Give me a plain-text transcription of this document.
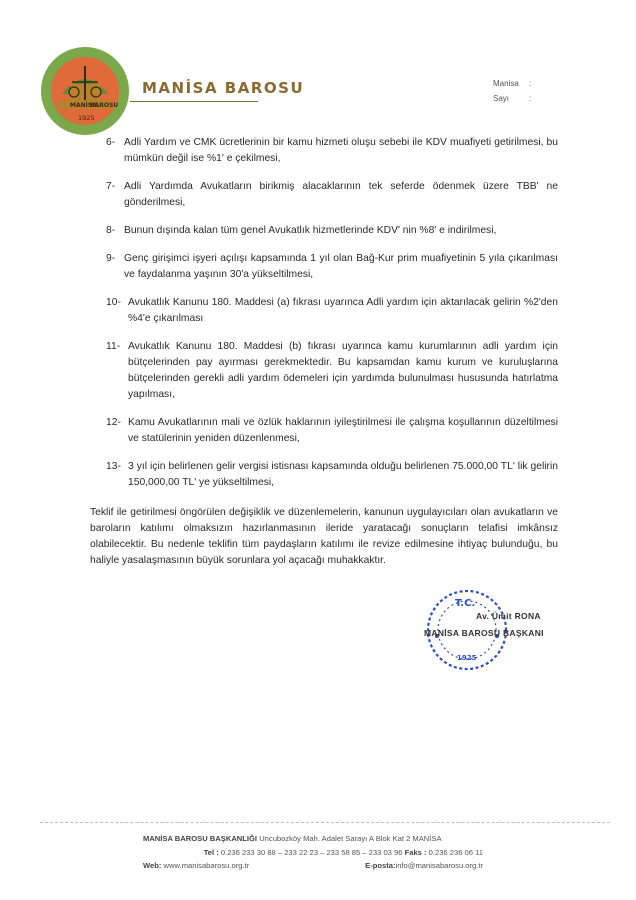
MANİSA
BAROSU
1925
MANİSA BAROSU	Manisa :
Sayı :
6- Adli Yardım ve CMK ücretlerinin bir kamu hizmeti oluşu sebebi ile KDV muafiyeti getirilmesi, bu mümkün değil ise %1' e çekilmesi,
7- Adli Yardımda Avukatların birikmiş alacaklarının tek seferde ödenmek üzere TBB' ne gönderilmesi,
8- Bunun dışında kalan tüm genel Avukatlık hizmetlerinde KDV' nin %8' e indirilmesi,
9- Genç girişimci işyeri açılışı kapsamında 1 yıl olan Bağ-Kur prim muafiyetinin 5 yıla çıkarılması ve faydalanma yaşının 30'a yükseltilmesi,
10- Avukatlık Kanunu 180. Maddesi (a) fıkrası uyarınca Adli yardım için aktarılacak gelirin %2'den %4'e çıkarılması
11- Avukatlık Kanunu 180. Maddesi (b) fıkrası uyarınca kamu kurumlarının adli yardım için bütçelerinden pay ayırması gerekmektedir. Bu kapsamdan kamu kurum ve kuruluşlarına bütçelerinden gerekli adli yardım ödemeleri için yardımda bulunulması hususunda hatırlatma yapılması,
12- Kamu Avukatlarının mali ve özlük haklarının iyileştirilmesi ile çalışma koşullarının düzeltilmesi ve statülerinin yeniden düzenlenmesi,
13- 3 yıl için belirlenen gelir vergisi istisnası kapsamında olduğu belirlenen 75.000,00 TL' lik gelirin 150,000,00 TL' ye yükseltilmesi,
Teklif ile getirilmesi öngörülen değişiklik ve düzenlemelerin, kanunun uygulayıcıları olan avukatların ve baroların katılımı olmaksızın hazırlanmasının ileride yaratacağı sonuçların telafisi imkânsız olabilecektir. Bu nedenle teklifin tüm paydaşların katılımı ile revize edilmesine ihtiyaç bulunduğu, bu haliyle yasalaşmasının büyük sorunlara yol açacağı muhakkaktır.
T.C.
1925
Av. Ümit RONA
MANİSA BAROSU BAŞKANI
MANİSA BAROSU BAŞKANLIĞI Uncubozköy Mah. Adalet Sarayı A Blok Kat 2 MANİSA
Tel : 0.236 233 30 88 – 233 22 23 – 233 58 85 – 233 03 96 Faks : 0.236 236 06 11
Web: www.manisabarosu.org.tr	E-posta:info@manisabarosu.org.tr
